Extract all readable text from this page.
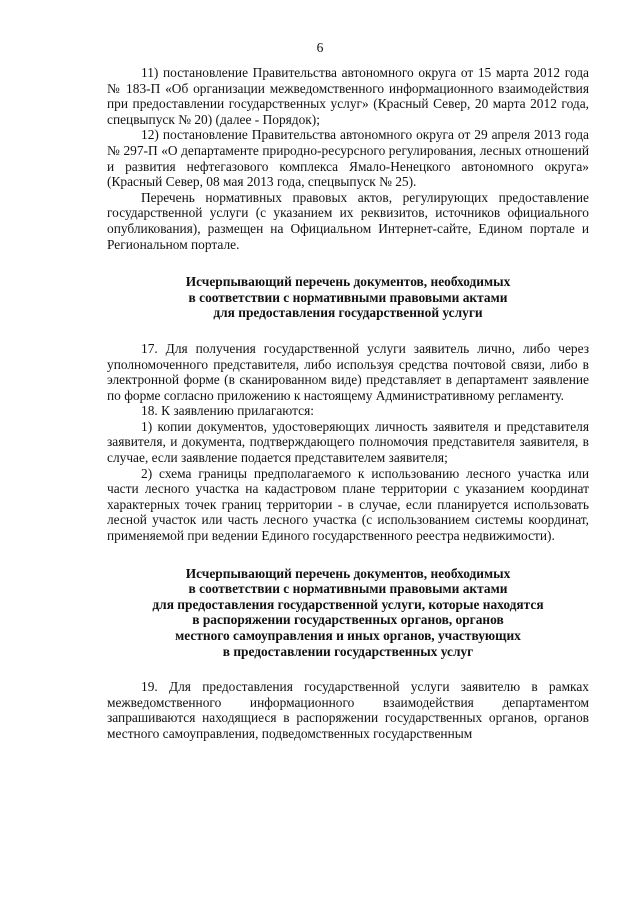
6

11) постановление Правительства автономного округа от 15 марта 2012 года № 183-П «Об организации межведомственного информационного взаимодействия при предоставлении государственных услуг» (Красный Север, 20 марта 2012 года, спецвыпуск № 20) (далее - Порядок);

12) постановление Правительства автономного округа от 29 апреля 2013 года № 297-П «О департаменте природно-ресурсного регулирования, лесных отношений и развития нефтегазового комплекса Ямало-Ненецкого автономного округа» (Красный Север, 08 мая 2013 года, спецвыпуск № 25).

Перечень нормативных правовых актов, регулирующих предоставление государственной услуги (с указанием их реквизитов, источников официального опубликования), размещен на Официальном Интернет-сайте, Едином портале и Региональном портале.

Исчерпывающий перечень документов, необходимых

в соответствии с нормативными правовыми актами

для предоставления государственной услуги

17. Для получения государственной услуги заявитель лично, либо через уполномоченного представителя, либо используя средства почтовой связи, либо в электронной форме (в сканированном виде) представляет в департамент заявление по форме согласно приложению к настоящему Административному регламенту.

18. К заявлению прилагаются:

1) копии документов, удостоверяющих личность заявителя и представителя заявителя, и документа, подтверждающего полномочия представителя заявителя, в случае, если заявление подается представителем заявителя;

2) схема границы предполагаемого к использованию лесного участка или части лесного участка на кадастровом плане территории с указанием координат характерных точек границ территории - в случае, если планируется использовать лесной участок или часть лесного участка (с использованием системы координат, применяемой при ведении Единого государственного реестра недвижимости).

Исчерпывающий перечень документов, необходимых

в соответствии с нормативными правовыми актами

для предоставления государственной услуги, которые находятся

в распоряжении государственных органов, органов

местного самоуправления и иных органов, участвующих

в предоставлении государственных услуг

19. Для предоставления государственной услуги заявителю в рамках межведомственного информационного взаимодействия департаментом запрашиваются находящиеся в распоряжении государственных органов, органов местного самоуправления, подведомственных государственным
